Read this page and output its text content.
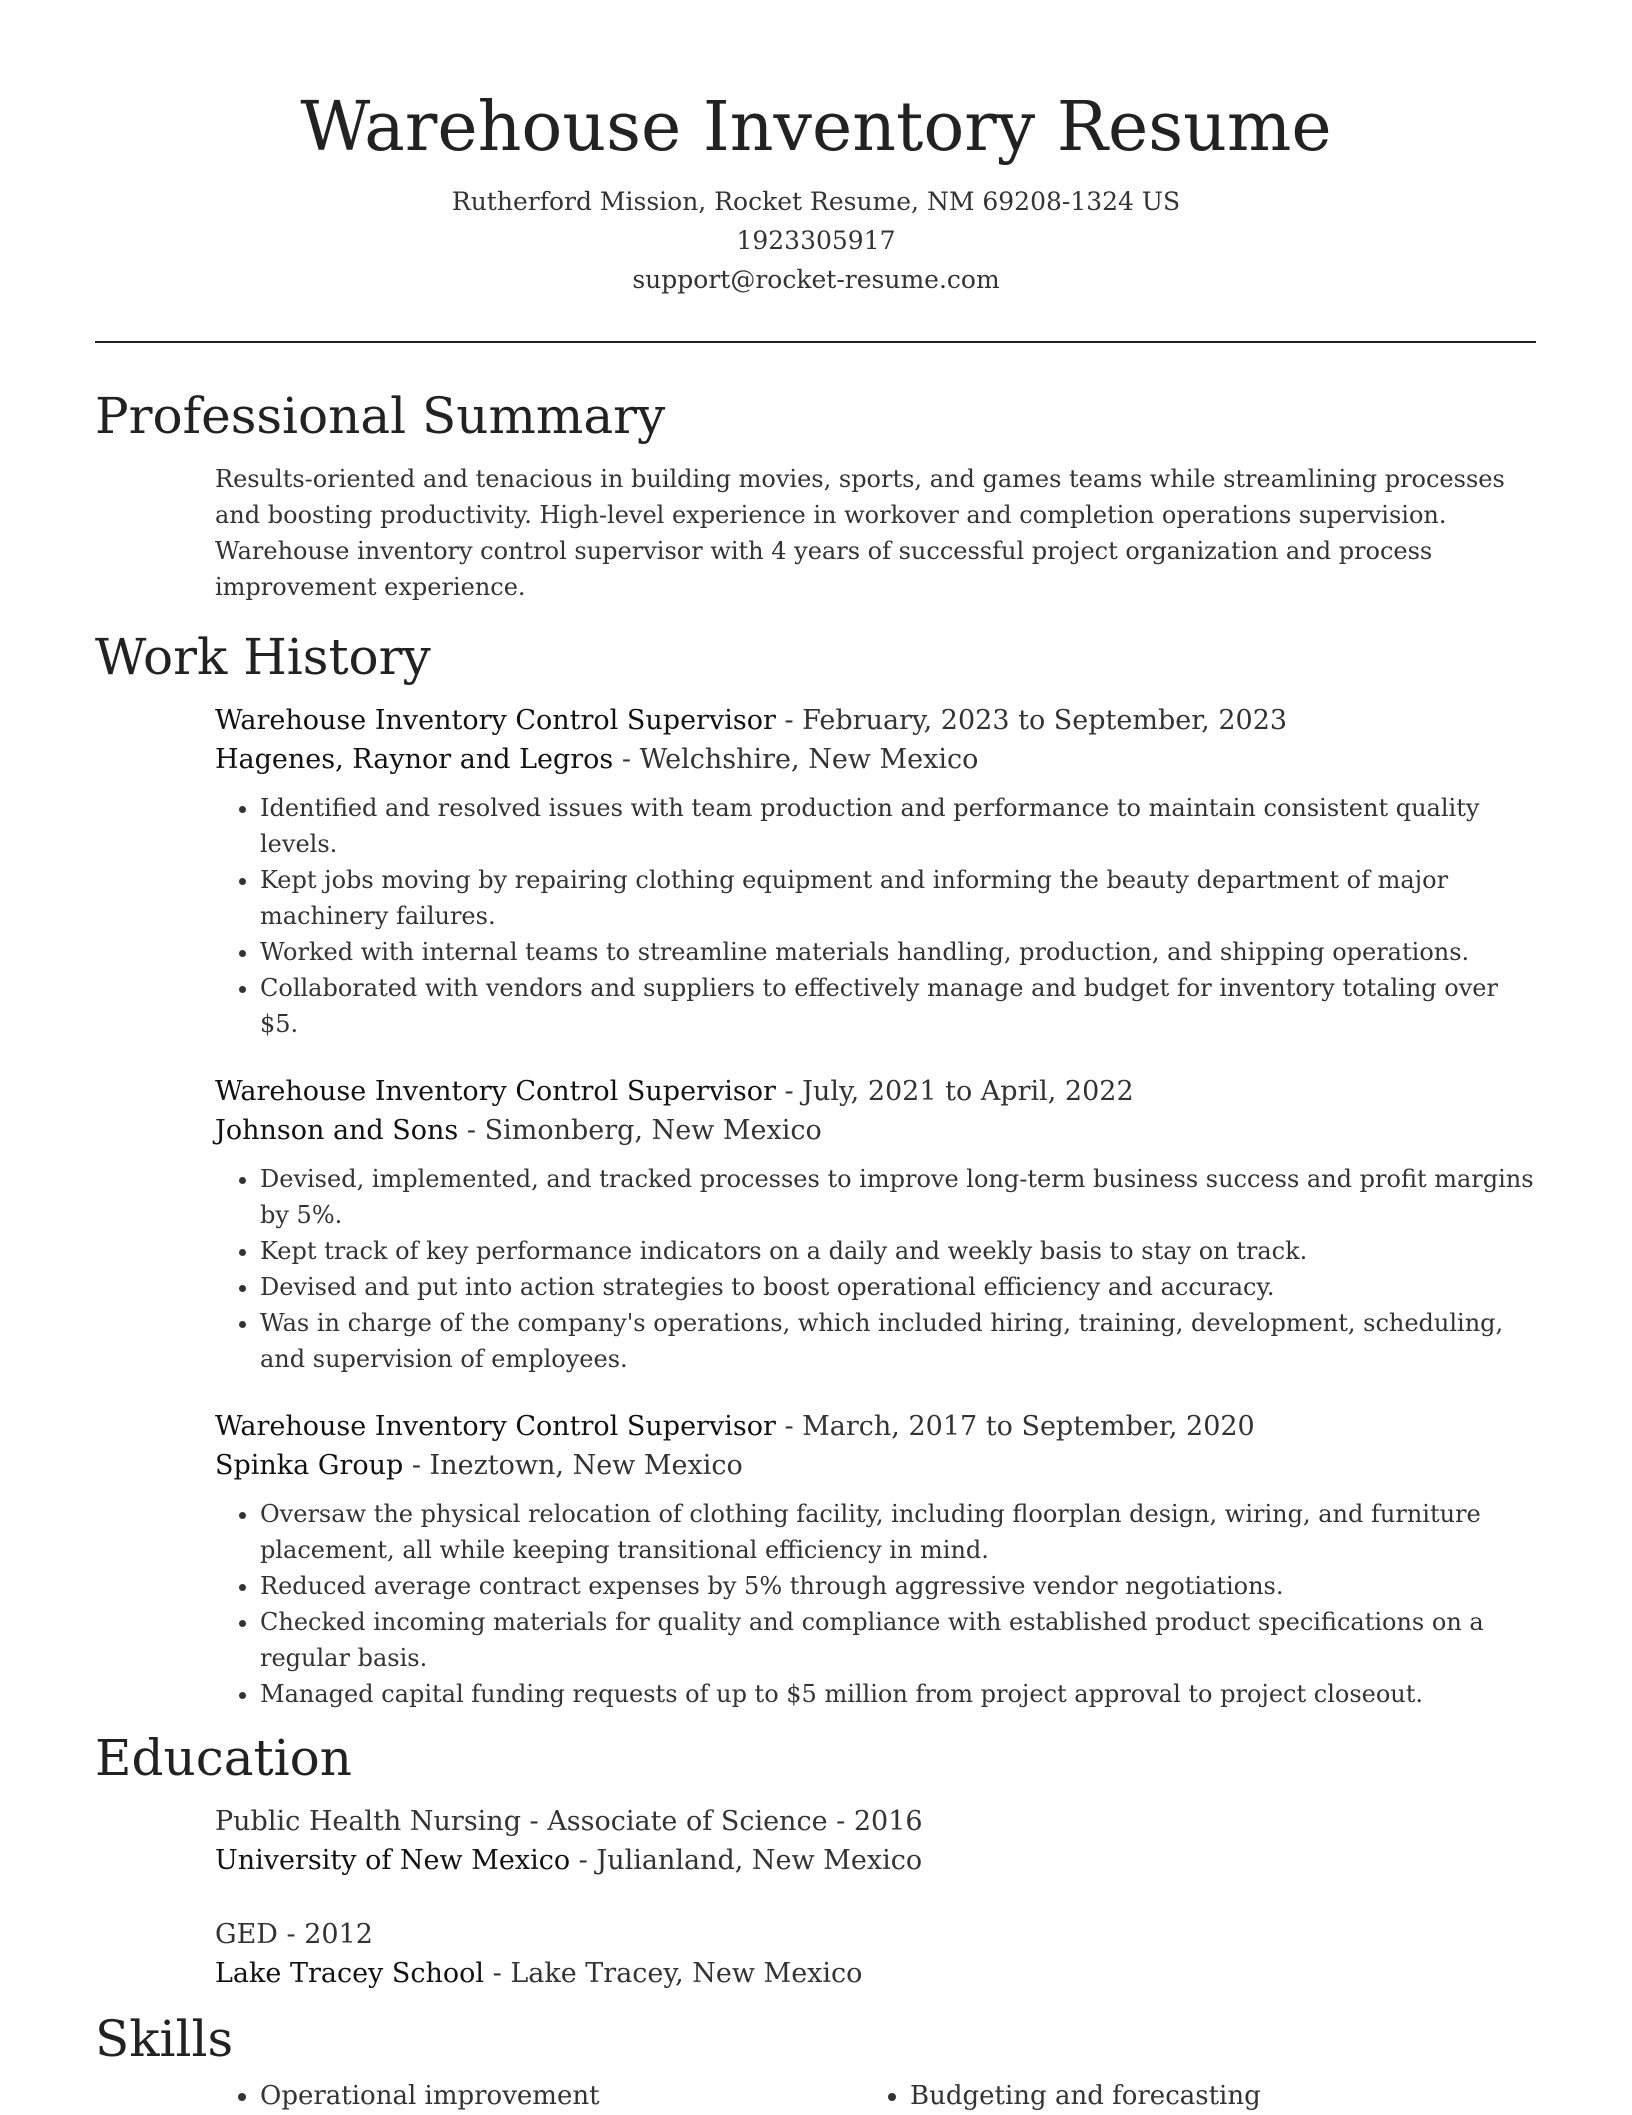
Warehouse Inventory Resume
Rutherford Mission, Rocket Resume, NM 69208-1324 US
1923305917
support@rocket-resume.com
Professional Summary

Results-oriented and tenacious in building movies, sports, and games teams while streamlining processes and boosting productivity. High-level experience in workover and completion operations supervision. Warehouse inventory control supervisor with 4 years of successful project organization and process improvement experience.

Work History
Warehouse Inventory Control Supervisor - February, 2023 to September, 2023
Hagenes, Raynor and Legros - Welchshire, New Mexico
• Identified and resolved issues with team production and performance to maintain consistent quality levels.
• Kept jobs moving by repairing clothing equipment and informing the beauty department of major machinery failures.
• Worked with internal teams to streamline materials handling, production, and shipping operations.
• Collaborated with vendors and suppliers to effectively manage and budget for inventory totaling over $5.
Warehouse Inventory Control Supervisor - July, 2021 to April, 2022
Johnson and Sons - Simonberg, New Mexico
• Devised, implemented, and tracked processes to improve long-term business success and profit margins by 5%.
• Kept track of key performance indicators on a daily and weekly basis to stay on track.
• Devised and put into action strategies to boost operational efficiency and accuracy.
• Was in charge of the company's operations, which included hiring, training, development, scheduling, and supervision of employees.
Warehouse Inventory Control Supervisor - March, 2017 to September, 2020
Spinka Group - Ineztown, New Mexico
• Oversaw the physical relocation of clothing facility, including floorplan design, wiring, and furniture placement, all while keeping transitional efficiency in mind.
• Reduced average contract expenses by 5% through aggressive vendor negotiations.
• Checked incoming materials for quality and compliance with established product specifications on a regular basis.
• Managed capital funding requests of up to $5 million from project approval to project closeout.
Education
Public Health Nursing - Associate of Science - 2016
University of New Mexico - Julianland, New Mexico
GED - 2012
Lake Tracey School - Lake Tracey, New Mexico
Skills
• Operational improvement
•	Budgeting and forecasting
